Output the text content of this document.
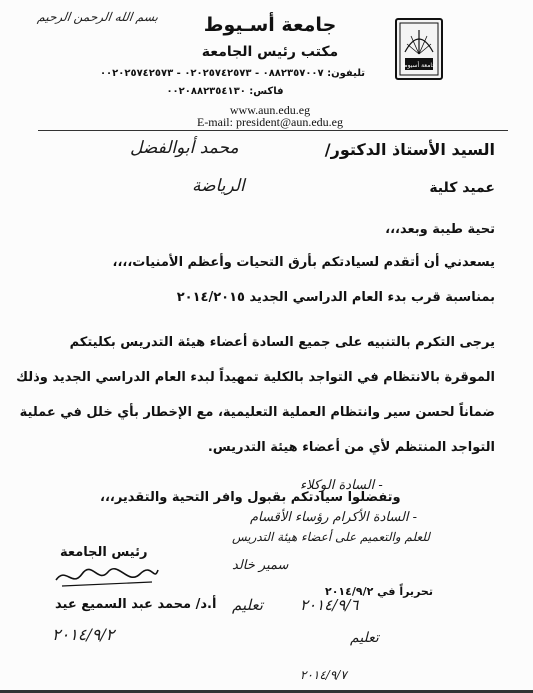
بسم الله الرحمن الرحيم
جامعة أسيوط
جامعة أسـيوط
مكتب رئيس الجامعة
تليفون: ٠٨٨٢٣٥٧٠٠٧ - ٠٢٠٢٥٧٤٢٥٧٣ - ٠٠٢٠٢٥٧٤٢٥٧٣
فاكس: ٠٠٢٠٨٨٢٣٥٤١٣٠
www.aun.edu.eg
E-mail: president@aun.edu.eg
السيد الأستاذ الدكتور/
محمد أبوالفضل
عميد كلية
الرياضة
تحية طيبة وبعد،،،
يسعدني أن أتقدم لسيادتكم بأرق التحيات وأعظم الأمنيات،،،،
بمناسبة قرب بدء العام الدراسي الجديد ٢٠١٤/٢٠١٥
يرجى التكرم بالتنبيه على جميع السادة أعضاء هيئة التدريس بكليتكم
الموقرة بالانتظام في التواجد بالكلية تمهيداً لبدء العام الدراسي الجديد وذلك
ضماناً لحسن سير وانتظام العملية التعليمية، مع الإخطار بأي خلل في عملية
التواجد المنتظم لأي من أعضاء هيئة التدريس.
- السادة الوكلاء
وتفضلوا سيادتكم بقبول وافر التحية والتقدير،،،
- السادة الأكرام رؤساء الأقسام
للعلم والتعميم على أعضاء هيئة التدريس
رئيس الجامعة
سمير خالد
تحريراً في ٢٠١٤/٩/٢
أ.د/ محمد عبد السميع عيد	٢٠١٤/٩/٦
تعليم
٢٠١٤/٩/٢	تعليم
٢٠١٤/٩/٧
